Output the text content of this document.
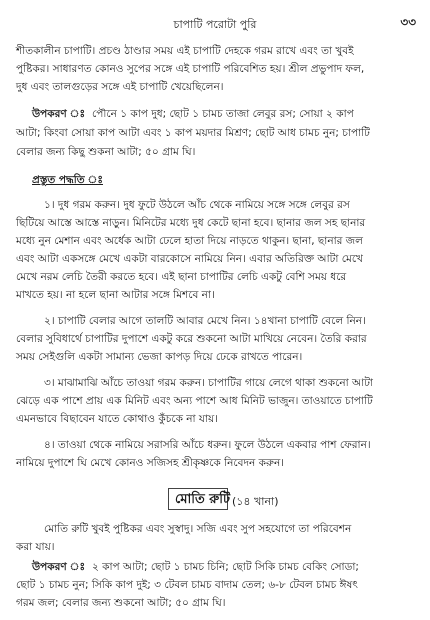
চাপাটি পরোটা পুরি	৩৩

শীতকালীন চাপাটি। প্রচণ্ড ঠাণ্ডার সময় এই চাপাটি দেহকে গরম রাখে এবং তা খুবই

পুষ্টিকর। সাধারণত কোনও সুপের সঙ্গে এই চাপাটি পরিবেশিত হয়। শ্রীল প্রভুপাদ ফল,

দুধ এবং তালগুড়ের সঙ্গে এই চাপাটি খেয়েছিলেন।

উপকরণ ঃ পৌনে ১ কাপ দুধ; ছোট ১ চামচ তাজা লেবুর রস; সোয়া ২ কাপ

আটা; কিংবা সোয়া কাপ আটা এবং ১ কাপ ময়দার মিশ্রণ; ছোট আধ চামচ নুন; চাপাটি

বেলার জন্য কিছু শুকনা আটা; ৫০ গ্রাম ঘি।

প্রস্তুত পদ্ধতি ঃ

১। দুধ গরম করুন। দুধ ফুটে উঠলে আঁচ থেকে নামিয়ে সঙ্গে সঙ্গে লেবুর রস

ছিটিয়ে আস্তে আস্তে নাড়ুন। মিনিটের মধ্যে দুধ কেটে ছানা হবে। ছানার জল সহ ছানার

মধ্যে নুন মেশান এবং অর্ধেক আটা ঢেলে হাতা দিয়ে নাড়তে থাকুন। ছানা, ছানার জল

এবং আটা একসঙ্গে মেখে একটা বারকোসে নামিয়ে নিন। এবার অতিরিক্ত আটা মেখে

মেখে নরম লেচি তৈরী করতে হবে। এই ছানা চাপাটির লেচি একটু বেশি সময় ধরে

মাখতে হয়। না হলে ছানা আটার সঙ্গে মিশবে না।

২। চাপাটি বেলার আগে তালটি আবার মেখে নিন। ১৪খানা চাপাটি বেলে নিন।

বেলার সুবিধার্থে চাপাটির দুপাশে একটু করে শুকনো আটা মাখিয়ে নেবেন। তৈরি করার

সময় সেইগুলি একটা সামান্য ভেজা কাপড় দিয়ে ঢেকে রাখতে পারেন।

৩। মাঝামাঝি আঁচে তাওয়া গরম করুন। চাপাটির গায়ে লেগে থাকা শুকনো আটা

ঝেড়ে এক পাশে প্রায় এক মিনিট এবং অন্য পাশে আধ মিনিট ভাজুন। তাওয়াতে চাপাটি

এমনভাবে বিছাবেন যাতে কোথাও কুঁচকে না যায়।

৪। তাওয়া থেকে নামিয়ে সরাসরি আঁচে ধরুন। ফুলে উঠলে একবার পাশ ফেরান।

নামিয়ে দুপাশে ঘি মেখে কোনও সজিসহ শ্রীকৃষ্ণকে নিবেদন করুন।

মোতি রুটি (১৪ খানা)

মোতি রুটি খুবই পুষ্টিকর এবং সুস্বাদু। সজি এবং সুপ সহযোগে তা পরিবেশন

করা যায়।

উপকরণ ঃ ২ কাপ আটা; ছোট ১ চামচ চিনি; ছোট সিকি চামচ বেকিং সোডা;

ছোট ১ চামচ নুন; সিকি কাপ দুই; ৩ টেবল চামচ বাদাম তেল; ৬-৮ টেবল চামচ ঈষৎ

গরম জল; বেলার জন্য শুকনো আটা; ৫০ গ্রাম ঘি।
